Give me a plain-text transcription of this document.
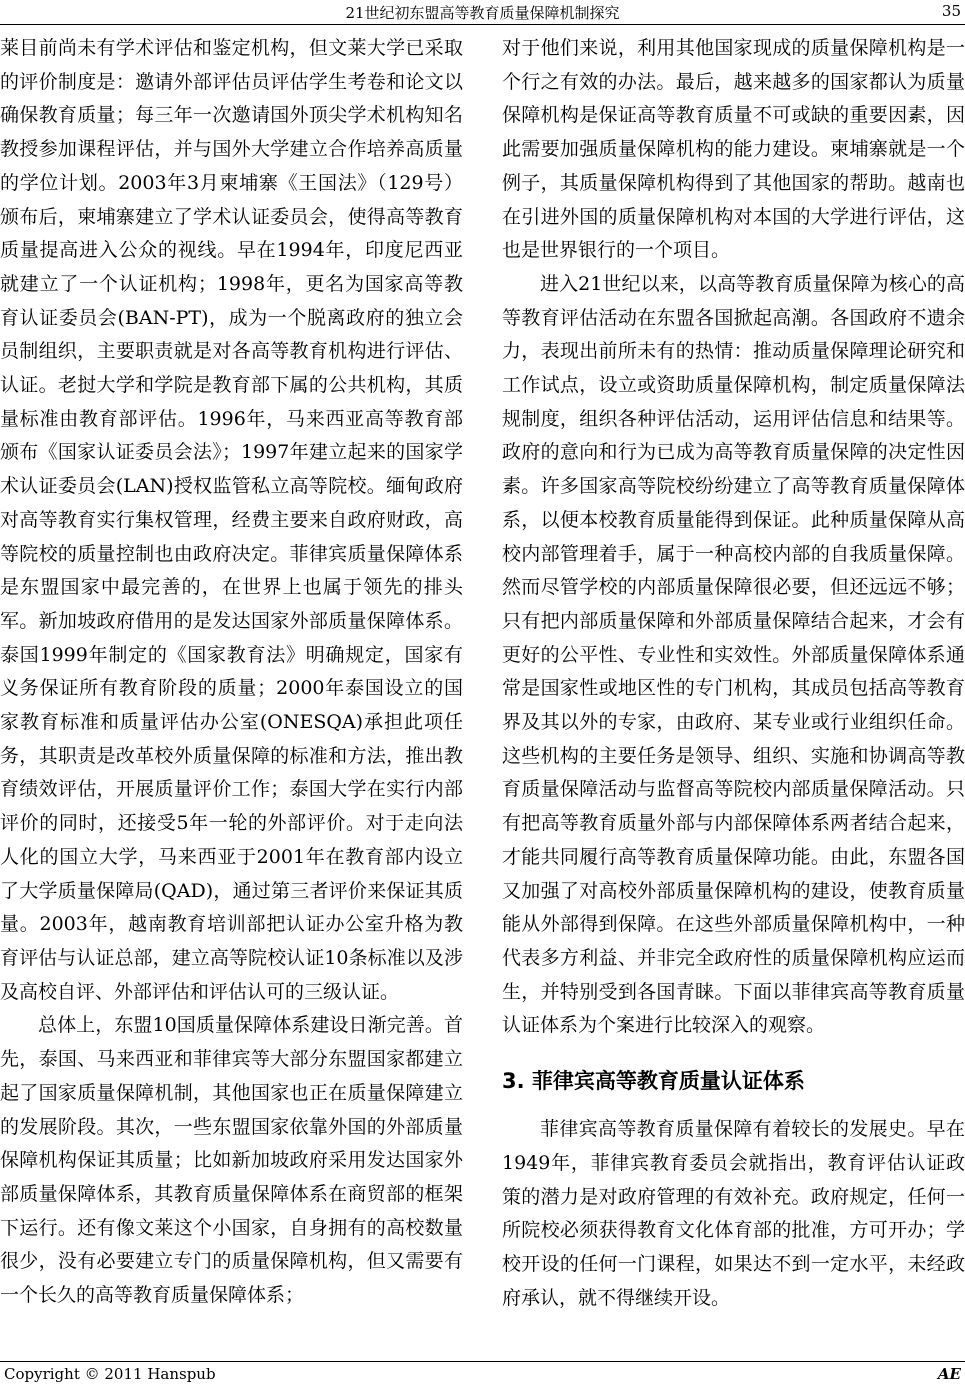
21世纪初东盟高等教育质量保障机制探究	35

莱目前尚未有学术评估和鉴定机构，但文莱大学已采取的评价制度是：邀请外部评估员评估学生考卷和论文以确保教育质量；每三年一次邀请国外顶尖学术机构知名教授参加课程评估，并与国外大学建立合作培养高质量的学位计划。2003年3月柬埔寨《王国法》（129号）颁布后，柬埔寨建立了学术认证委员会，使得高等教育质量提高进入公众的视线。早在1994年，印度尼西亚就建立了一个认证机构；1998年，更名为国家高等教育认证委员会(BAN-PT)，成为一个脱离政府的独立会员制组织，主要职责就是对各高等教育机构进行评估、认证。老挝大学和学院是教育部下属的公共机构，其质量标准由教育部评估。1996年，马来西亚高等教育部颁布《国家认证委员会法》；1997年建立起来的国家学术认证委员会(LAN)授权监管私立高等院校。缅甸政府对高等教育实行集权管理，经费主要来自政府财政，高等院校的质量控制也由政府决定。菲律宾质量保障体系是东盟国家中最完善的，在世界上也属于领先的排头军。新加坡政府借用的是发达国家外部质量保障体系。泰国1999年制定的《国家教育法》明确规定，国家有义务保证所有教育阶段的质量；2000年泰国设立的国家教育标准和质量评估办公室(ONESQA)承担此项任务，其职责是改革校外质量保障的标准和方法，推出教育绩效评估，开展质量评价工作；泰国大学在实行内部评价的同时，还接受5年一轮的外部评价。对于走向法人化的国立大学，马来西亚于2001年在教育部内设立了大学质量保障局(QAD)，通过第三者评价来保证其质量。2003年，越南教育培训部把认证办公室升格为教育评估与认证总部，建立高等院校认证10条标准以及涉及高校自评、外部评估和评估认可的三级认证。

总体上，东盟10国质量保障体系建设日渐完善。首先，泰国、马来西亚和菲律宾等大部分东盟国家都建立起了国家质量保障机制，其他国家也正在质量保障建立的发展阶段。其次，一些东盟国家依靠外国的外部质量保障机构保证其质量；比如新加坡政府采用发达国家外部质量保障体系，其教育质量保障体系在商贸部的框架下运行。还有像文莱这个小国家，自身拥有的高校数量很少，没有必要建立专门的质量保障机构，但又需要有一个长久的高等教育质量保障体系；

对于他们来说，利用其他国家现成的质量保障机构是一个行之有效的办法。最后，越来越多的国家都认为质量保障机构是保证高等教育质量不可或缺的重要因素，因此需要加强质量保障机构的能力建设。柬埔寨就是一个例子，其质量保障机构得到了其他国家的帮助。越南也在引进外国的质量保障机构对本国的大学进行评估，这也是世界银行的一个项目。

进入21世纪以来，以高等教育质量保障为核心的高等教育评估活动在东盟各国掀起高潮。各国政府不遗余力，表现出前所未有的热情：推动质量保障理论研究和工作试点，设立或资助质量保障机构，制定质量保障法规制度，组织各种评估活动，运用评估信息和结果等。政府的意向和行为已成为高等教育质量保障的决定性因素。许多国家高等院校纷纷建立了高等教育质量保障体系，以便本校教育质量能得到保证。此种质量保障从高校内部管理着手，属于一种高校内部的自我质量保障。然而尽管学校的内部质量保障很必要，但还远远不够；只有把内部质量保障和外部质量保障结合起来，才会有更好的公平性、专业性和实效性。外部质量保障体系通常是国家性或地区性的专门机构，其成员包括高等教育界及其以外的专家，由政府、某专业或行业组织任命。这些机构的主要任务是领导、组织、实施和协调高等教育质量保障活动与监督高等院校内部质量保障活动。只有把高等教育质量外部与内部保障体系两者结合起来，才能共同履行高等教育质量保障功能。由此，东盟各国又加强了对高校外部质量保障机构的建设，使教育质量能从外部得到保障。在这些外部质量保障机构中，一种代表多方利益、并非完全政府性的质量保障机构应运而生，并特别受到各国青睐。下面以菲律宾高等教育质量认证体系为个案进行比较深入的观察。

3. 菲律宾高等教育质量认证体系

菲律宾高等教育质量保障有着较长的发展史。早在1949年，菲律宾教育委员会就指出，教育评估认证政策的潜力是对政府管理的有效补充。政府规定，任何一所院校必须获得教育文化体育部的批准，方可开办；学校开设的任何一门课程，如果达不到一定水平，未经政府承认，就不得继续开设。

Copyright © 2011 Hanspub	AE
